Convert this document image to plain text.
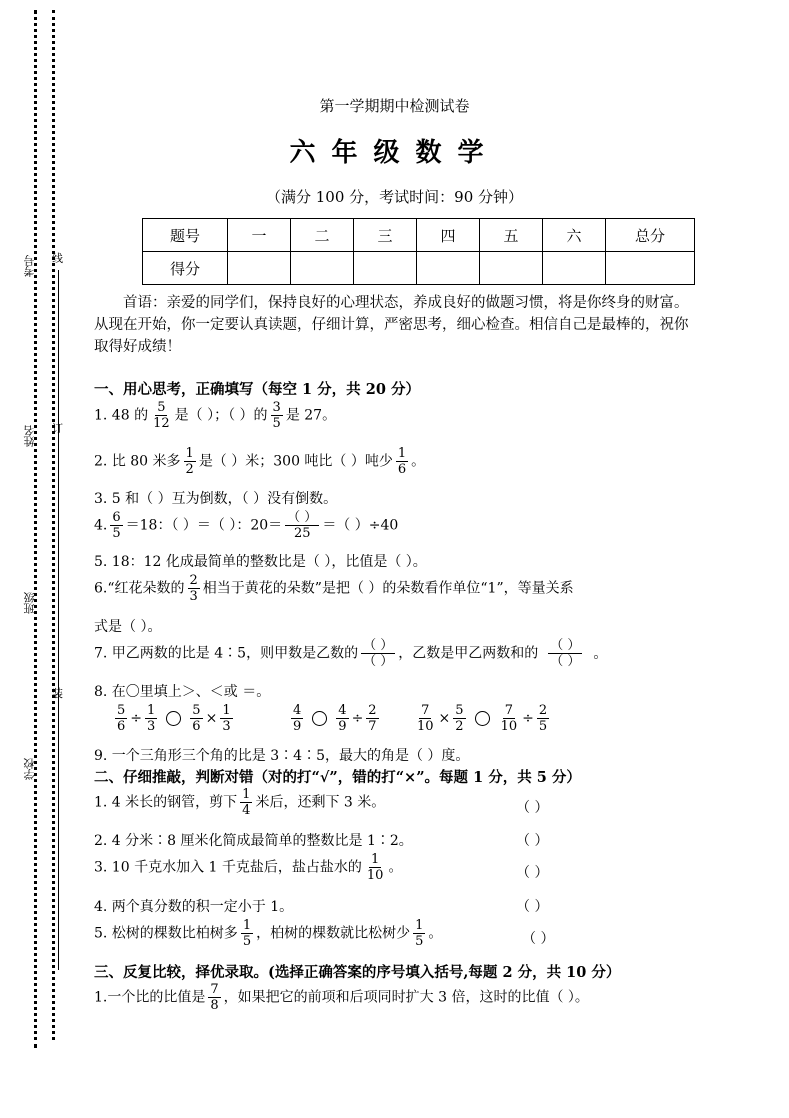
考号
姓名
班级
学校
线
订
装
第一学期期中检测试卷
六年级数学
（满分 100 分，考试时间：90 分钟）
题号	一	二	三	四	五	六	总分
得分							
首语：亲爱的同学们，保持良好的心理状态，养成良好的做题习惯，将是你终身的财富。从现在开始，你一定要认真读题，仔细计算，严密思考，细心检查。相信自己是最棒的，祝你取得好成绩！
一、用心思考，正确填写（每空 1 分，共 20 分）
1. 48 的 $\frac{5}{12}$ 是（ ）；（ ）的 $\frac{3}{5}$ 是 27。
2. 比 80 米多 $\frac{1}{2}$ 是（ ）米；300 吨比（ ）吨少 $\frac{1}{6}$ 。
3. 5 和（ ）互为倒数，（ ）没有倒数。
4. $\frac{6}{5} =18$：（ ）＝（ ）：$20= \frac{( )}{25}$ ＝（ ）÷40
5. 18：12 化成最简单的整数比是（ ），比值是（ ）。
6.“红花朵数的 $\frac{2}{3}$ 相当于黄花的朵数”是把（ ）的朵数看作单位“1”，等量关系
式是（ ）。
7. 甲乙两数的比是 4∶5，则甲数是乙数的 $\frac{( )}{( )}$ ，乙数是甲乙两数和的 $\frac{( )}{( )}$ 。
8. 在〇里填上＞、＜或 ＝。
$\frac{5}{6} \div \frac{1}{3}$	$\frac{5}{6} \times \frac{1}{3}$	$\frac{4}{9}$	$\frac{4}{9} \div \frac{2}{7}$	$\frac{7}{10} \times \frac{5}{2}$	$\frac{7}{10} \div \frac{2}{5}$
9. 一个三角形三个角的比是 3∶4∶5，最大的角是（ ）度。
二、仔细推敲，判断对错（对的打“√”，错的打“×”。每题 1 分，共 5 分）
1. 4 米长的钢管，剪下 $\frac{1}{4}$ 米后，还剩下 3 米。	（ ）
2. 4 分米∶8 厘米化简成最简单的整数比是 1∶2。	（ ）
3. 10 千克水加入 1 千克盐后，盐占盐水的 $\frac{1}{10}$ 。	（ ）
4. 两个真分数的积一定小于 1。	（ ）
5. 松树的棵数比柏树多 $\frac{1}{5}$ ，柏树的棵数就比松树少 $\frac{1}{5}$ 。	（ ）
三、反复比较，择优录取。(选择正确答案的序号填入括号,每题 2 分，共 10 分）
1.一个比的比值是 $\frac{7}{8}$ ，如果把它的前项和后项同时扩大 3 倍，这时的比值（ ）。
